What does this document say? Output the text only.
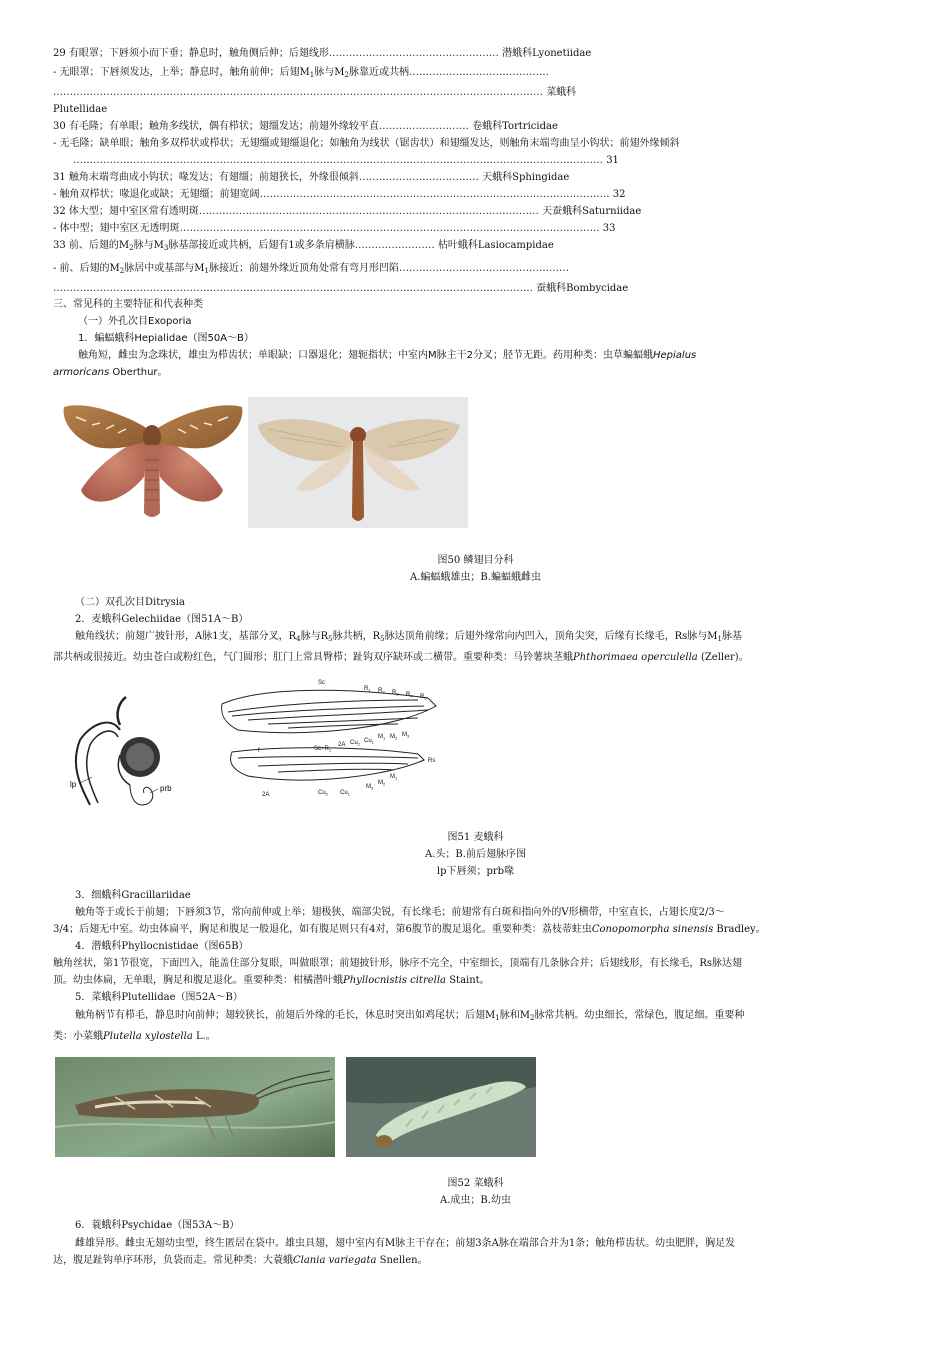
29 有眼罩；下唇须小而下垂；静息时，触角侧后伸；后翅线形…………………………………………… 潜蛾科Lyonetiidae
- 无眼罩；下唇须发达，上举；静息时，触角前伸；后翅$M_1$脉与$M_2$脉靠近或共柄……………………………………
………………………………………………………………………………………………………………………………… 菜蛾科
Plutellidae
30 有毛隆；有单眼；触角多线状，偶有栉状；翅缰发达；前翅外缘较平直……………………… 卷蛾科Tortricidae
- 无毛隆；缺单眼；触角多双栉状或栉状；无翅缰或翅缰退化；如触角为线状（锯齿状）和翅缰发达，则触角末端弯曲呈小钩状；前翅外缘倾斜
…………………………………………………………………………………………………………………………………………… 31
31 触角末端弯曲成小钩状；喙发达；有翅缰；前翅狭长，外缘很倾斜……………………………… 天蛾科Sphingidae
- 触角双栉状；喙退化或缺；无翅缰；前翅宽阔…………………………………………………………………………………………… 32
32 体大型；翅中室区常有透明斑………………………………………………………………………………………… 天蚕蛾科Saturniidae
- 体中型；翅中室区无透明斑……………………………………………………………………………………………………………… 33
33 前、后翅的$M_2$脉与$M_3$脉基部接近或共柄，后翅有1或多条肩横脉…………………… 枯叶蛾科Lasiocampidae
- 前、后翅的$M_2$脉居中或基部与$M_1$脉接近；前翅外缘近顶角处常有弯月形凹陷……………………………………………
……………………………………………………………………………………………………………………………… 蚕蛾科Bombycidae
三、常见科的主要特征和代表种类
（一）外孔次目Exoporia
1．蝙蝠蛾科Hepialidae（图50A～B）
触角短，雌虫为念珠状，雄虫为栉齿状；单眼缺；口器退化；翅轭指状；中室内M脉主干2分叉；胫节无距。药用种类：虫草蝙蝠蛾Hepialus
armoricans Oberthur。
图50 鳞翅目分科
A.蝙蝠蛾雄虫；B.蝙蝠蛾雌虫
（二）双孔次目Ditrysia
2．麦蛾科Gelechiidae（图51A～B）
触角线状；前翅广披针形，A脉1支，基部分叉，$R_4$脉与$R_5$脉共柄，$R_5$脉达顶角前缘；后翅外缘常向内凹入，顶角尖突，后缘有长缘毛，Rs脉与$M_1$脉基
部共柄或很接近。幼虫苍白或粉红色，气门圆形；肛门上常具臀栉；趾钩双序缺环或二横带。重要种类：马铃薯块茎蛾Phthorimaea operculella (Zeller)。
lp	prb
Sc
$R_1$ $R_2$ $R_3$ $R_4$ $R_5$
2A $Cu_2$ $Cu_1$
$M_1$ $M_2$ $M_3$
$Sc+R_1$
f
Rs
$M_1$
$M_2$
$M_3$
2A	$Cu_2$ $Cu_1$
图51 麦蛾科
A.头；B.前后翅脉序图
lp下唇须；prb喙
3．细蛾科Gracillariidae
触角等于或长于前翅；下唇须3节，常向前伸或上举；翅极狭，端部尖锐，有长缘毛；前翅常有白斑和指向外的V形横带，中室直长，占翅长度2/3～
3/4；后翅无中室。幼虫体扁平，胸足和腹足一般退化，如有腹足则只有4对，第6腹节的腹足退化。重要种类：荔枝蒂蛀虫Conopomorpha sinensis Bradley。
4．潜蛾科Phyllocnistidae（图65B）
触角丝状，第1节很宽，下面凹入，能盖住部分复眼，叫做眼罩；前翅披针形，脉序不完全，中室细长，顶端有几条脉合并；后翅线形，有长缘毛，Rs脉达翅
顶。幼虫体扁，无单眼，胸足和腹足退化。重要种类：柑橘潜叶蛾Phyllocnistis citrella Staint。
5．菜蛾科Plutellidae（图52A～B）
触角柄节有栉毛，静息时向前伸；翅较狭长，前翅后外缘的毛长，休息时突出如鸡尾状；后翅$M_1$脉和$M_2$脉常共柄。幼虫细长，常绿色，腹足细。重要种
类：小菜蛾Plutella xylostella L.。
图52 菜蛾科
A.成虫；B.幼虫
6．蓑蛾科Psychidae（图53A～B）
雌雄异形。雌虫无翅幼虫型，终生匿居在袋中。雄虫具翅，翅中室内有M脉主干存在；前翅3条A脉在端部合并为1条；触角栉齿状。幼虫肥胖，胸足发
达，腹足趾钩单序环形，负袋而走。常见种类：大蓑蛾Clania variegata Snellen。
